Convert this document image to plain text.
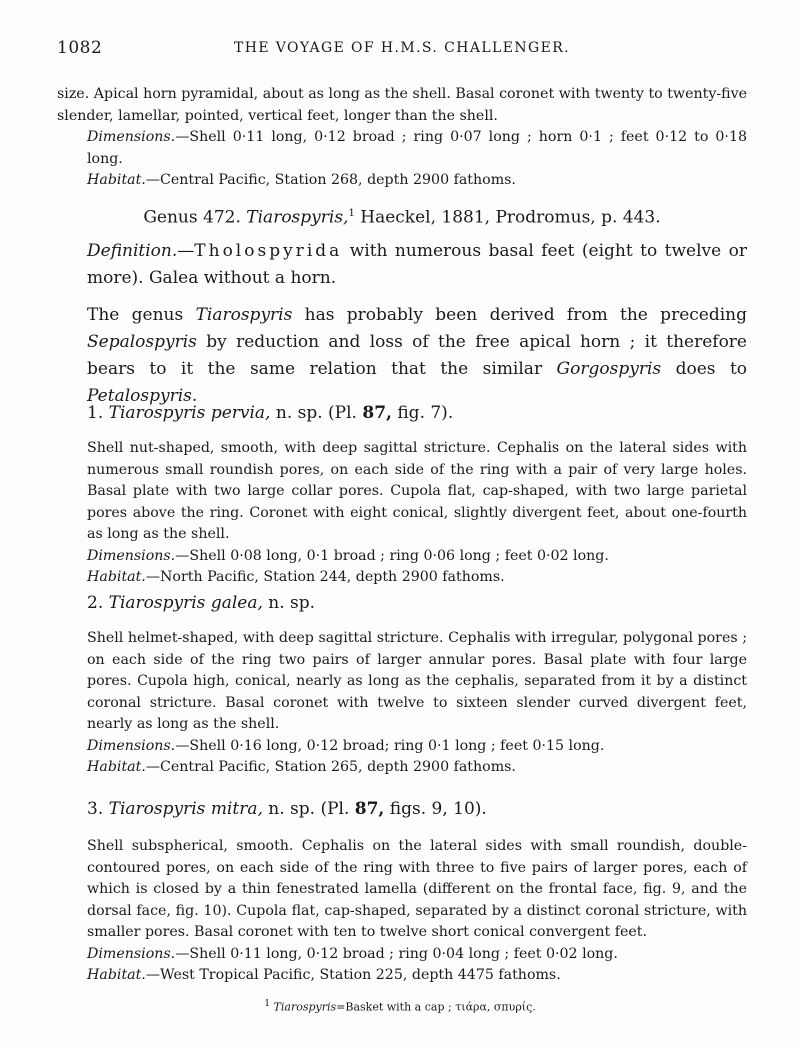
1082	THE VOYAGE OF H.M.S. CHALLENGER.

size. Apical horn pyramidal, about as long as the shell. Basal coronet with twenty to twenty-five slender, lamellar, pointed, vertical feet, longer than the shell.

Dimensions.—Shell 0·11 long, 0·12 broad ; ring 0·07 long ; horn 0·1 ; feet 0·12 to 0·18 long.

Habitat.—Central Pacific, Station 268, depth 2900 fathoms.

Genus 472. Tiarospyris,$^1$ Haeckel, 1881, Prodromus, p. 443.

Definition.—Tholospyrida with numerous basal feet (eight to twelve or more). Galea without a horn.

The genus Tiarospyris has probably been derived from the preceding Sepalospyris by reduction and loss of the free apical horn ; it therefore bears to it the same relation that the similar Gorgospyris does to Petalospyris.

1. Tiarospyris pervia, n. sp. (Pl. 87, fig. 7).

Shell nut-shaped, smooth, with deep sagittal stricture. Cephalis on the lateral sides with numerous small roundish pores, on each side of the ring with a pair of very large holes. Basal plate with two large collar pores. Cupola flat, cap-shaped, with two large parietal pores above the ring. Coronet with eight conical, slightly divergent feet, about one-fourth as long as the shell.

Dimensions.—Shell 0·08 long, 0·1 broad ; ring 0·06 long ; feet 0·02 long.

Habitat.—North Pacific, Station 244, depth 2900 fathoms.

2. Tiarospyris galea, n. sp.

Shell helmet-shaped, with deep sagittal stricture. Cephalis with irregular, polygonal pores ; on each side of the ring two pairs of larger annular pores. Basal plate with four large pores. Cupola high, conical, nearly as long as the cephalis, separated from it by a distinct coronal stricture. Basal coronet with twelve to sixteen slender curved divergent feet, nearly as long as the shell.

Dimensions.—Shell 0·16 long, 0·12 broad; ring 0·1 long ; feet 0·15 long.

Habitat.—Central Pacific, Station 265, depth 2900 fathoms.

3. Tiarospyris mitra, n. sp. (Pl. 87, figs. 9, 10).

Shell subspherical, smooth. Cephalis on the lateral sides with small roundish, double-contoured pores, on each side of the ring with three to five pairs of larger pores, each of which is closed by a thin fenestrated lamella (different on the frontal face, fig. 9, and the dorsal face, fig. 10). Cupola flat, cap-shaped, separated by a distinct coronal stricture, with smaller pores. Basal coronet with ten to twelve short conical convergent feet.

Dimensions.—Shell 0·11 long, 0·12 broad ; ring 0·04 long ; feet 0·02 long.

Habitat.—West Tropical Pacific, Station 225, depth 4475 fathoms.

$^1$ Tiarospyris=Basket with a cap ; τιάρα, σπυρίς.
